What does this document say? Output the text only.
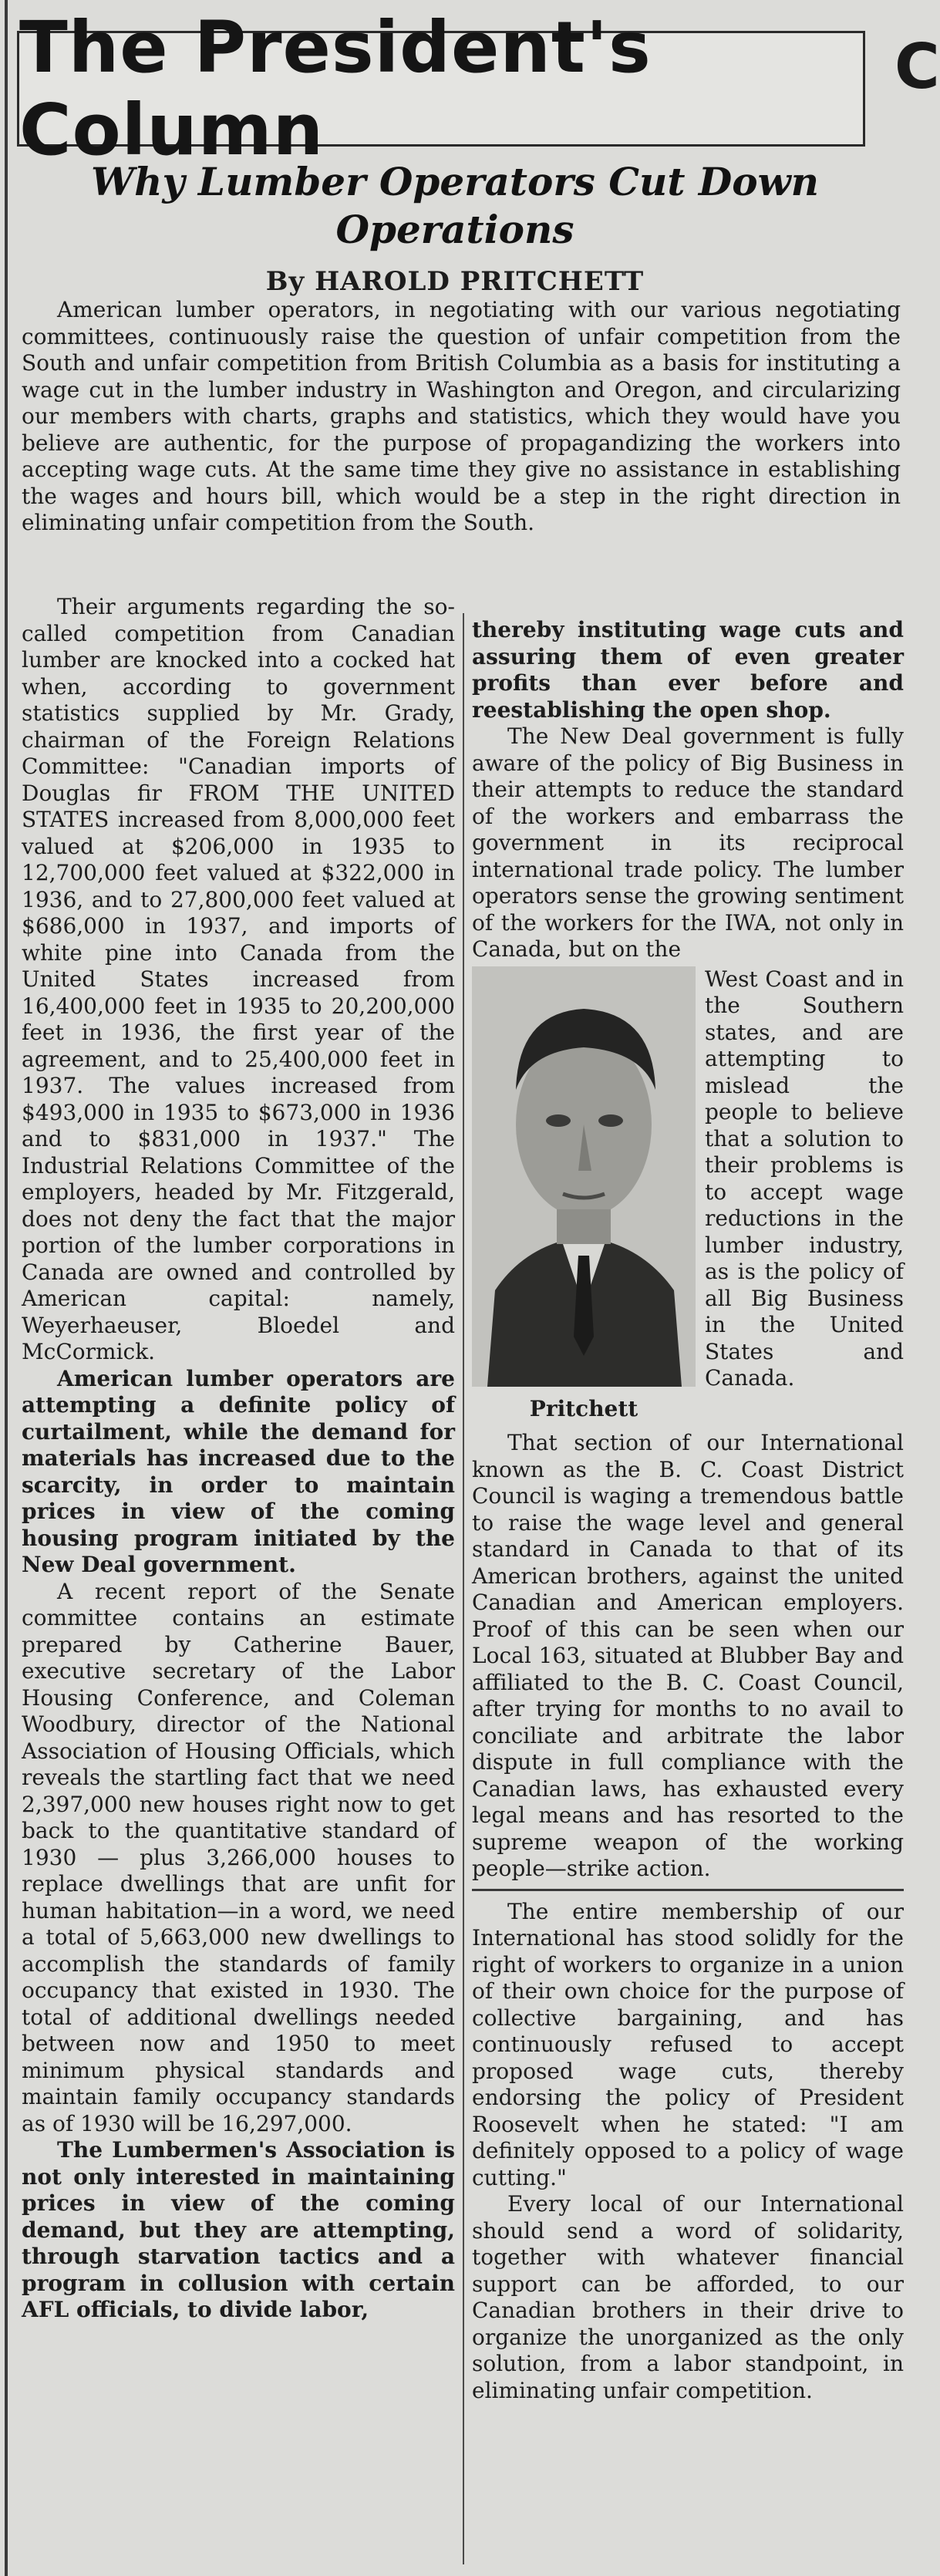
The President's Column
C
Why Lumber Operators Cut Down Operations
By HAROLD PRITCHETT

American lumber operators, in negotiating with our various negotiating committees, continuously raise the question of unfair competition from the South and unfair competition from British Columbia as a basis for instituting a wage cut in the lumber industry in Washington and Oregon, and circularizing our members with charts, graphs and statistics, which they would have you believe are authentic, for the purpose of propagandizing the workers into accepting wage cuts. At the same time they give no assistance in establishing the wages and hours bill, which would be a step in the right direction in eliminating unfair competition from the South.

Their arguments regarding the so-called competition from Canadian lumber are knocked into a cocked hat when, according to government statistics supplied by Mr. Grady, chairman of the Foreign Relations Committee: "Canadian imports of Douglas fir FROM THE UNITED STATES increased from 8,000,000 feet valued at $206,000 in 1935 to 12,700,000 feet valued at $322,000 in 1936, and to 27,800,000 feet valued at $686,000 in 1937, and imports of white pine into Canada from the United States increased from 16,400,000 feet in 1935 to 20,200,000 feet in 1936, the first year of the agreement, and to 25,400,000 feet in 1937. The values increased from $493,000 in 1935 to $673,000 in 1936 and to $831,000 in 1937." The Industrial Relations Committee of the employers, headed by Mr. Fitzgerald, does not deny the fact that the major portion of the lumber corporations in Canada are owned and controlled by American capital: namely, Weyerhaeuser, Bloedel and McCormick.

American lumber operators are attempting a definite policy of curtailment, while the demand for materials has increased due to the scarcity, in order to maintain prices in view of the coming housing program initiated by the New Deal government.

A recent report of the Senate committee contains an estimate prepared by Catherine Bauer, executive secretary of the Labor Housing Conference, and Coleman Woodbury, director of the National Association of Housing Officials, which reveals the startling fact that we need 2,397,000 new houses right now to get back to the quantitative standard of 1930 — plus 3,266,000 houses to replace dwellings that are unfit for human habitation—in a word, we need a total of 5,663,000 new dwellings to accomplish the standards of family occupancy that existed in 1930. The total of additional dwellings needed between now and 1950 to meet minimum physical standards and maintain family occupancy standards as of 1930 will be 16,297,000.

The Lumbermen's Association is not only interested in maintaining prices in view of the coming demand, but they are attempting, through starvation tactics and a program in collusion with certain AFL officials, to divide labor,

thereby instituting wage cuts and assuring them of even greater profits than ever before and reestablishing the open shop.

The New Deal government is fully aware of the policy of Big Business in their attempts to reduce the standard of the workers and embarrass the government in its reciprocal international trade policy. The lumber operators sense the growing sentiment of the workers for the IWA, not only in Canada, but on the

Pritchett
West Coast and in the Southern states, and are attempting to mislead the people to believe that a solution to their problems is to accept wage reductions in the lumber industry, as is the policy of all Big Business in the United States and Canada.

That section of our International known as the B. C. Coast District Council is waging a tremendous battle to raise the wage level and general standard in Canada to that of its American brothers, against the united Canadian and American employers. Proof of this can be seen when our Local 163, situated at Blubber Bay and affiliated to the B. C. Coast Council, after trying for months to no avail to conciliate and arbitrate the labor dispute in full compliance with the Canadian laws, has exhausted every legal means and has resorted to the supreme weapon of the working people—strike action.

The entire membership of our International has stood solidly for the right of workers to organize in a union of their own choice for the purpose of collective bargaining, and has continuously refused to accept proposed wage cuts, thereby endorsing the policy of President Roosevelt when he stated: "I am definitely opposed to a policy of wage cutting."

Every local of our International should send a word of solidarity, together with whatever financial support can be afforded, to our Canadian brothers in their drive to organize the unorganized as the only solution, from a labor standpoint, in eliminating unfair competition.
